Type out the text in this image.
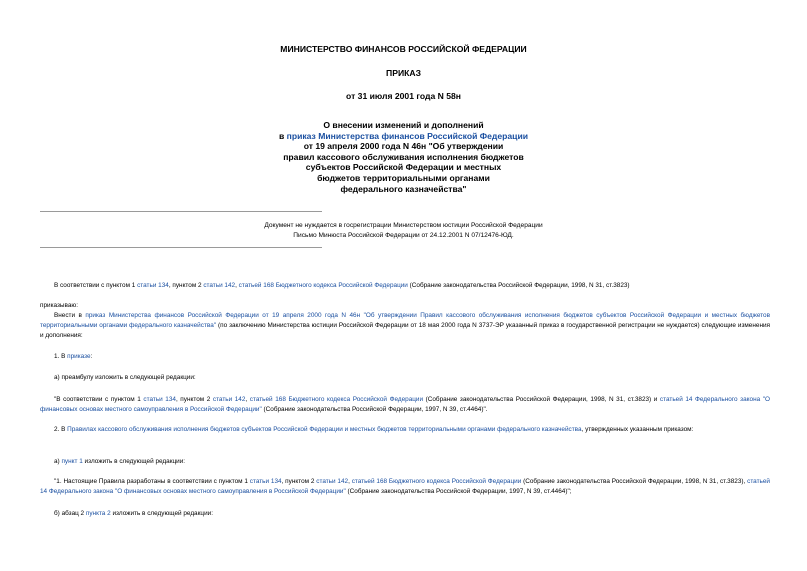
МИНИСТЕРСТВО ФИНАНСОВ РОССИЙСКОЙ ФЕДЕРАЦИИ
ПРИКАЗ
от 31 июля 2001 года N 58н
О внесении изменений и дополнений
в приказ Министерства финансов Российской Федерации
от 19 апреля 2000 года N 46н "Об утверждении
правил кассового обслуживания исполнения бюджетов
субъектов Российской Федерации и местных
бюджетов территориальными органами
федерального казначейства"
Документ не нуждается в госрегистрации Министерством юстиции Российской Федерации
Письмо Минюста Российской Федерации от 24.12.2001 N 07/12476-ЮД.
В соответствии с пунктом 1 статьи 134, пунктом 2 статьи 142, статьей 168 Бюджетного кодекса Российской Федерации (Собрание законодательства Российской Федерации, 1998, N 31, ст.3823)
приказываю:
Внести в приказ Министерства финансов Российской Федерации от 19 апреля 2000 года N 46н "Об утверждении Правил кассового обслуживания исполнения бюджетов субъектов Российской Федерации и местных бюджетов территориальными органами федерального казначейства" (по заключению Министерства юстиции Российской Федерации от 18 мая 2000 года N 3737-ЭР указанный приказ в государственной регистрации не нуждается) следующие изменения и дополнения:
1. В приказе:
а) преамбулу изложить в следующей редакции:
"В соответствии с пунктом 1 статьи 134, пунктом 2 статьи 142, статьей 168 Бюджетного кодекса Российской Федерации (Собрание законодательства Российской Федерации, 1998, N 31, ст.3823) и статьей 14 Федерального закона "О финансовых основах местного самоуправления в Российской Федерации" (Собрание законодательства Российской Федерации, 1997, N 39, ст.4464)".
2. В Правилах кассового обслуживания исполнения бюджетов субъектов Российской Федерации и местных бюджетов территориальными органами федерального казначейства, утвержденных указанным приказом:
а) пункт 1 изложить в следующей редакции:
"1. Настоящие Правила разработаны в соответствии с пунктом 1 статьи 134, пунктом 2 статьи 142, статьей 168 Бюджетного кодекса Российской Федерации (Собрание законодательства Российской Федерации, 1998, N 31, ст.3823), статьей 14 Федерального закона "О финансовых основах местного самоуправления в Российской Федерации" (Собрание законодательства Российской Федерации, 1997, N 39, ст.4464)";
б) абзац 2 пункта 2 изложить в следующей редакции:
